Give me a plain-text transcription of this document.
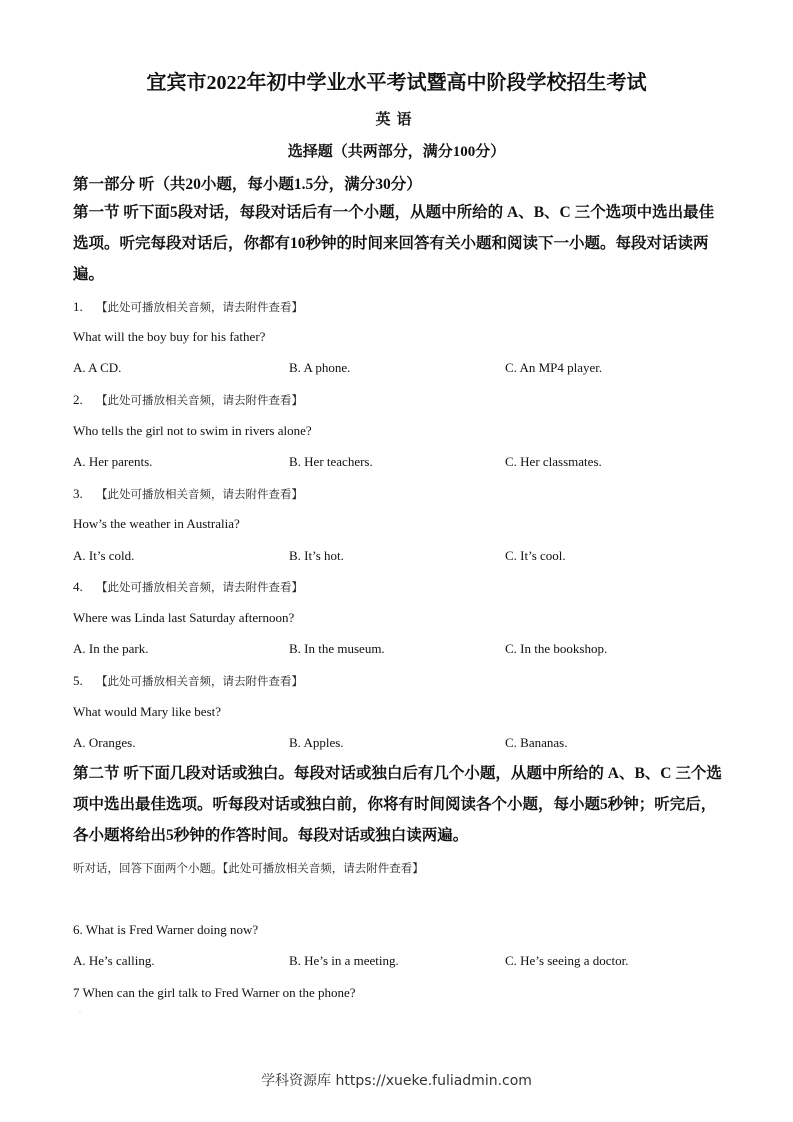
宜宾市2022年初中学业水平考试暨高中阶段学校招生考试
英语
选择题（共两部分，满分100分）
第一部分 听（共20小题，每小题1.5分，满分30分）
第一节 听下面5段对话，每段对话后有一个小题，从题中所给的 A、B、C 三个选项中选出最佳选项。听完每段对话后，你都有10秒钟的时间来回答有关小题和阅读下一小题。每段对话读两遍。
1. 【此处可播放相关音频，请去附件查看】
What will the boy buy for his father?
A. A CD.	B. A phone.	C. An MP4 player.
2. 【此处可播放相关音频，请去附件查看】
Who tells the girl not to swim in rivers alone?
A. Her parents.	B. Her teachers.	C. Her classmates.
3. 【此处可播放相关音频，请去附件查看】
How’s the weather in Australia?
A. It’s cold.	B. It’s hot.	C. It’s cool.
4. 【此处可播放相关音频，请去附件查看】
Where was Linda last Saturday afternoon?
A. In the park.	B. In the museum.	C. In the bookshop.
5. 【此处可播放相关音频，请去附件查看】
What would Mary like best?
A. Oranges.	B. Apples.	C. Bananas.
第二节 听下面几段对话或独白。每段对话或独白后有几个小题，从题中所给的 A、B、C 三个选项中选出最佳选项。听每段对话或独白前，你将有时间阅读各个小题，每小题5秒钟；听完后，各小题将给出5秒钟的作答时间。每段对话或独白读两遍。
听对话，回答下面两个小题。【此处可播放相关音频，请去附件查看】
6. What is Fred Warner doing now?
A. He’s calling.	B. He’s in a meeting.	C. He’s seeing a doctor.
7 When can the girl talk to Fred Warner on the phone?
·
学科资源库 https://xueke.fuliadmin.com
